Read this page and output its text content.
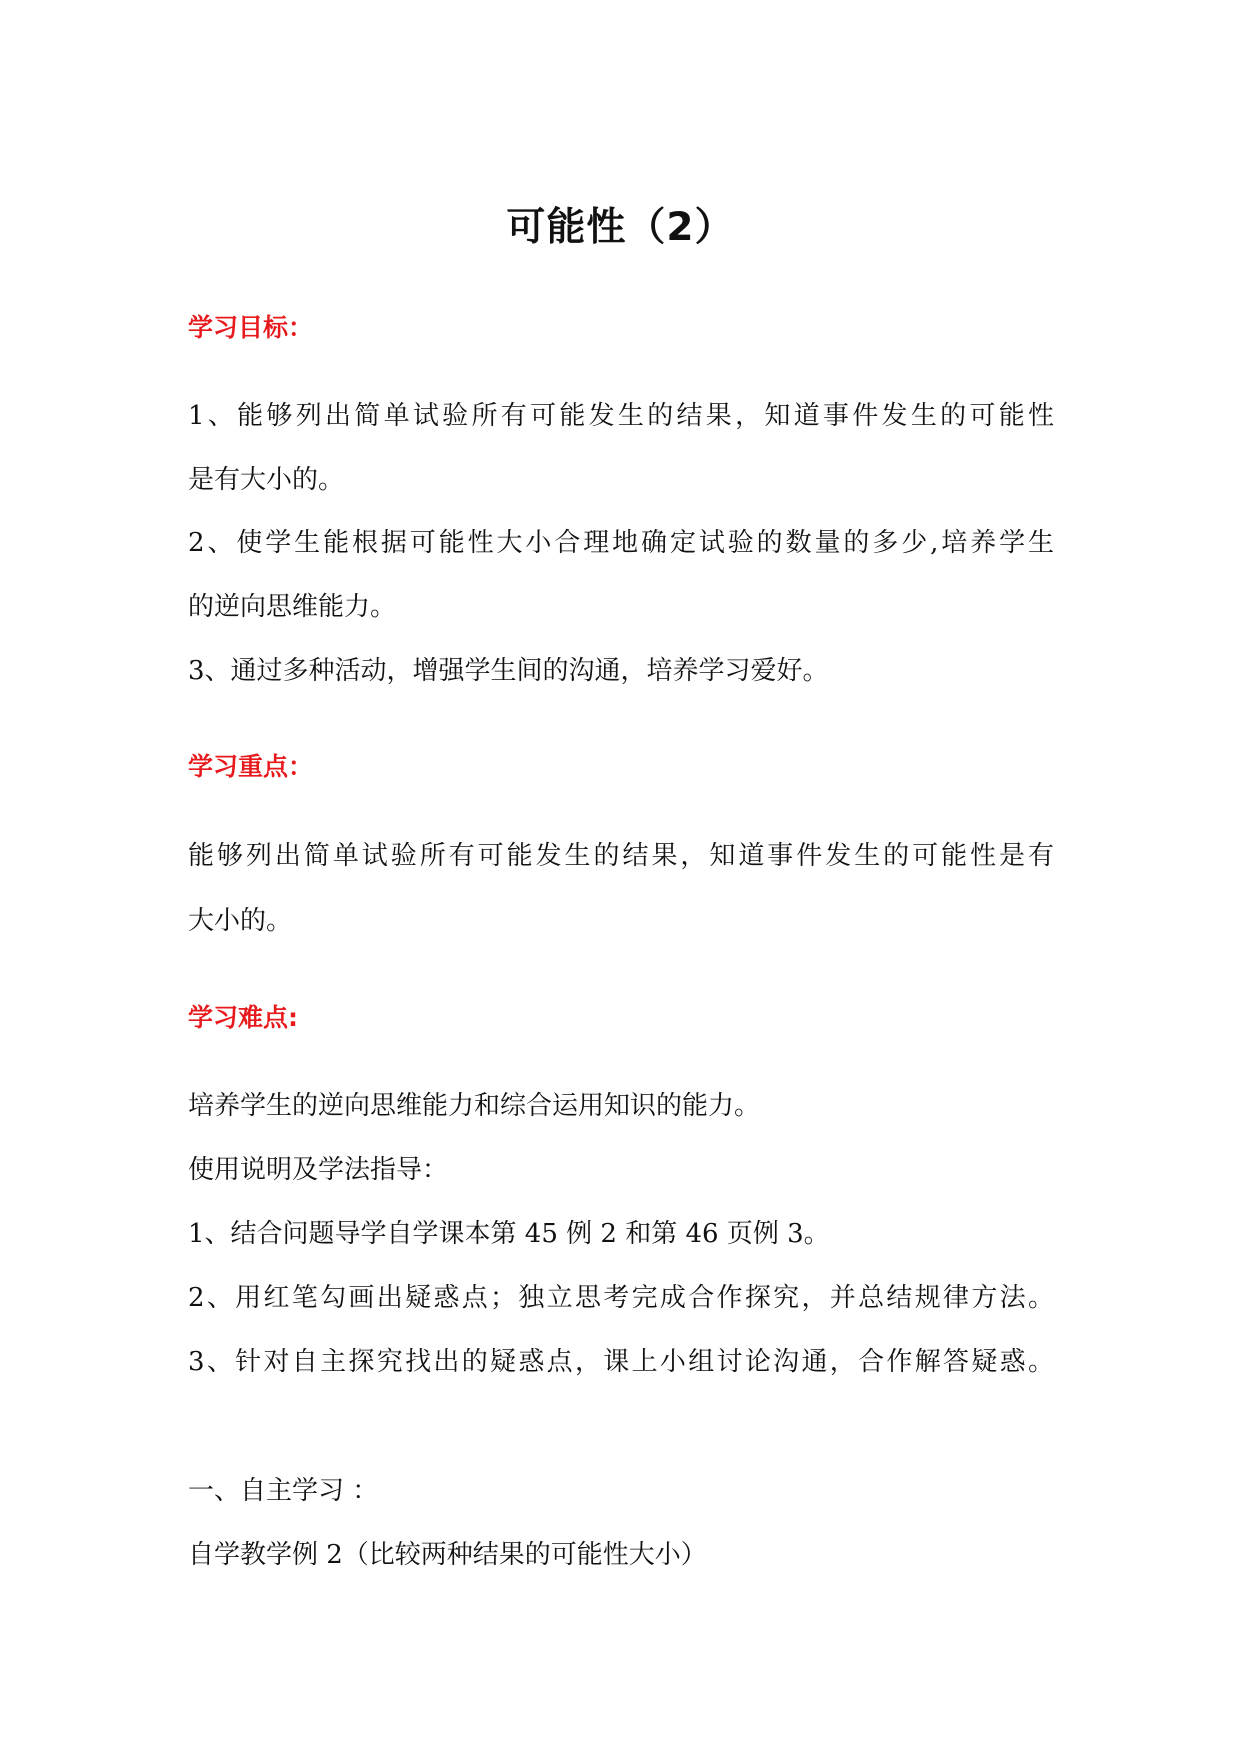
可能性（2）
学习目标：
1、能够列出简单试验所有可能发生的结果，知道事件发生的可能性
是有大小的。
2、使学生能根据可能性大小合理地确定试验的数量的多少,培养学生
的逆向思维能力。
3、通过多种活动，增强学生间的沟通，培养学习爱好。
学习重点：
能够列出简单试验所有可能发生的结果，知道事件发生的可能性是有
大小的。
学习难点:
培养学生的逆向思维能力和综合运用知识的能力。
使用说明及学法指导：
1、结合问题导学自学课本第 45 例 2 和第 46 页例 3。
2、用红笔勾画出疑惑点；独立思考完成合作探究，并总结规律方法。
3、针对自主探究找出的疑惑点，课上小组讨论沟通，合作解答疑惑。
一、自主学习 ：
自学教学例 2（比较两种结果的可能性大小）
